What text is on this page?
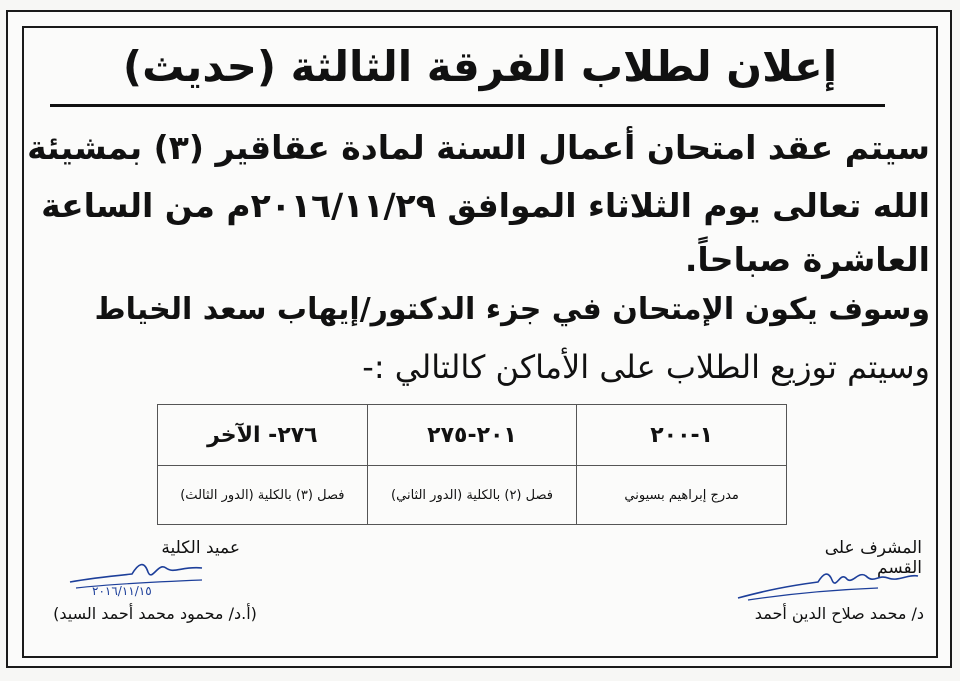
إعلان لطلاب الفرقة الثالثة (حديث)
سيتم عقد امتحان أعمال السنة لمادة عقاقير (٣) بمشيئة
الله تعالى يوم الثلاثاء الموافق ٢٠١٦/١١/٢٩م من الساعة
العاشرة صباحاً.
وسوف يكون الإمتحان في جزء الدكتور/إيهاب سعد الخياط
وسيتم توزيع الطلاب على الأماكن كالتالي :-
١-٢٠٠	٢٠١-٢٧٥	٢٧٦- الآخر
مدرج إبراهيم بسيوني	فصل (٢) بالكلية (الدور الثاني)	فصل (٣) بالكلية (الدور الثالث)
المشرف على القسم
د/ محمد صلاح الدين أحمد
عميد الكلية
٢٠١٦/١١/١٥
(أ.د/ محمود محمد أحمد السيد)
